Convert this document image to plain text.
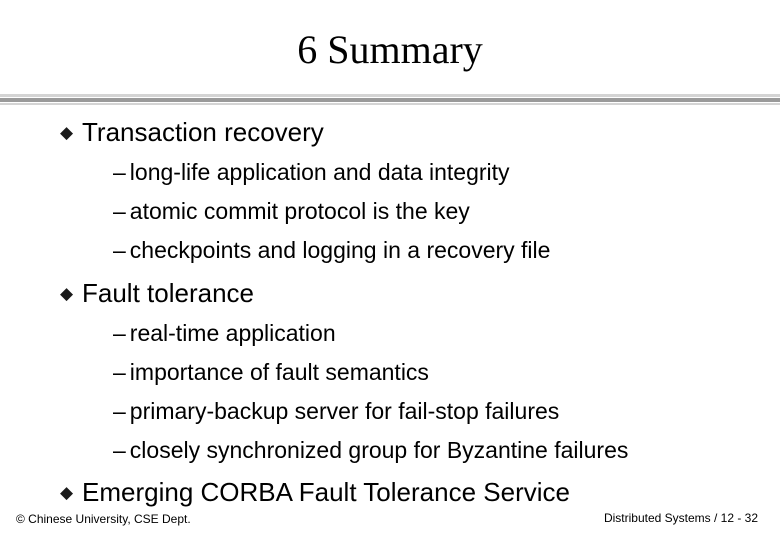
6 Summary
◆ Transaction recovery
– long-life application and data integrity
– atomic commit protocol is the key
– checkpoints and logging in a recovery file
◆ Fault tolerance
– real-time application
– importance of fault semantics
– primary-backup server for fail-stop failures
– closely synchronized group for Byzantine failures
◆ Emerging CORBA Fault Tolerance Service
© Chinese University, CSE Dept.	Distributed Systems / 12 - 32
